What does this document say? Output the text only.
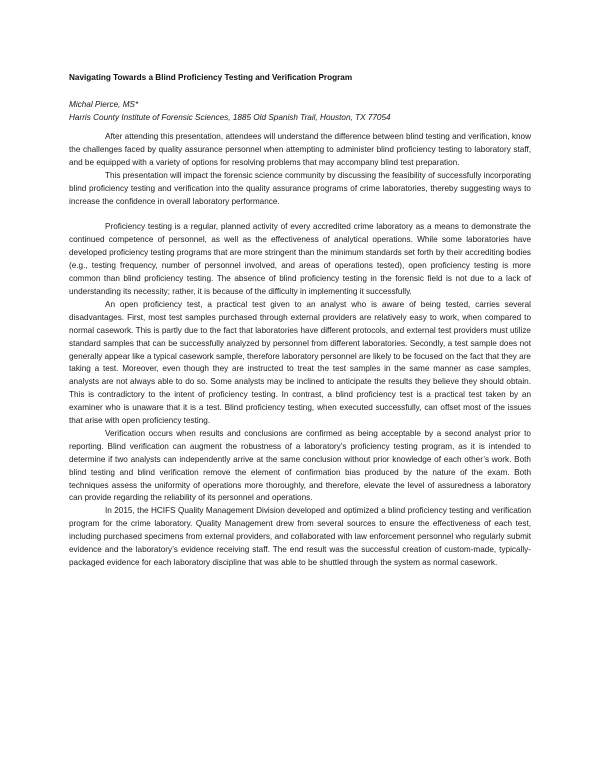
Navigating Towards a Blind Proficiency Testing and Verification Program

Michal Pierce, MS*

Harris County Institute of Forensic Sciences, 1885 Old Spanish Trail, Houston, TX 77054

After attending this presentation, attendees will understand the difference between blind testing and verification, know the challenges faced by quality assurance personnel when attempting to administer blind proficiency testing to laboratory staff, and be equipped with a variety of options for resolving problems that may accompany blind test preparation.

This presentation will impact the forensic science community by discussing the feasibility of successfully incorporating blind proficiency testing and verification into the quality assurance programs of crime laboratories, thereby suggesting ways to increase the confidence in overall laboratory performance.

Proficiency testing is a regular, planned activity of every accredited crime laboratory as a means to demonstrate the continued competence of personnel, as well as the effectiveness of analytical operations. While some laboratories have developed proficiency testing programs that are more stringent than the minimum standards set forth by their accrediting bodies (e.g., testing frequency, number of personnel involved, and areas of operations tested), open proficiency testing is more common than blind proficiency testing. The absence of blind proficiency testing in the forensic field is not due to a lack of understanding its necessity; rather, it is because of the difficulty in implementing it successfully.

An open proficiency test, a practical test given to an analyst who is aware of being tested, carries several disadvantages. First, most test samples purchased through external providers are relatively easy to work, when compared to normal casework. This is partly due to the fact that laboratories have different protocols, and external test providers must utilize standard samples that can be successfully analyzed by personnel from different laboratories. Secondly, a test sample does not generally appear like a typical casework sample, therefore laboratory personnel are likely to be focused on the fact that they are taking a test. Moreover, even though they are instructed to treat the test samples in the same manner as case samples, analysts are not always able to do so. Some analysts may be inclined to anticipate the results they believe they should obtain. This is contradictory to the intent of proficiency testing. In contrast, a blind proficiency test is a practical test taken by an examiner who is unaware that it is a test. Blind proficiency testing, when executed successfully, can offset most of the issues that arise with open proficiency testing.

Verification occurs when results and conclusions are confirmed as being acceptable by a second analyst prior to reporting. Blind verification can augment the robustness of a laboratory’s proficiency testing program, as it is intended to determine if two analysts can independently arrive at the same conclusion without prior knowledge of each other’s work. Both blind testing and blind verification remove the element of confirmation bias produced by the nature of the exam. Both techniques assess the uniformity of operations more thoroughly, and therefore, elevate the level of assuredness a laboratory can provide regarding the reliability of its personnel and operations.

In 2015, the HCIFS Quality Management Division developed and optimized a blind proficiency testing and verification program for the crime laboratory. Quality Management drew from several sources to ensure the effectiveness of each test, including purchased specimens from external providers, and collaborated with law enforcement personnel who regularly submit evidence and the laboratory’s evidence receiving staff. The end result was the successful creation of custom-made, typically-packaged evidence for each laboratory discipline that was able to be shuttled through the system as normal casework.
